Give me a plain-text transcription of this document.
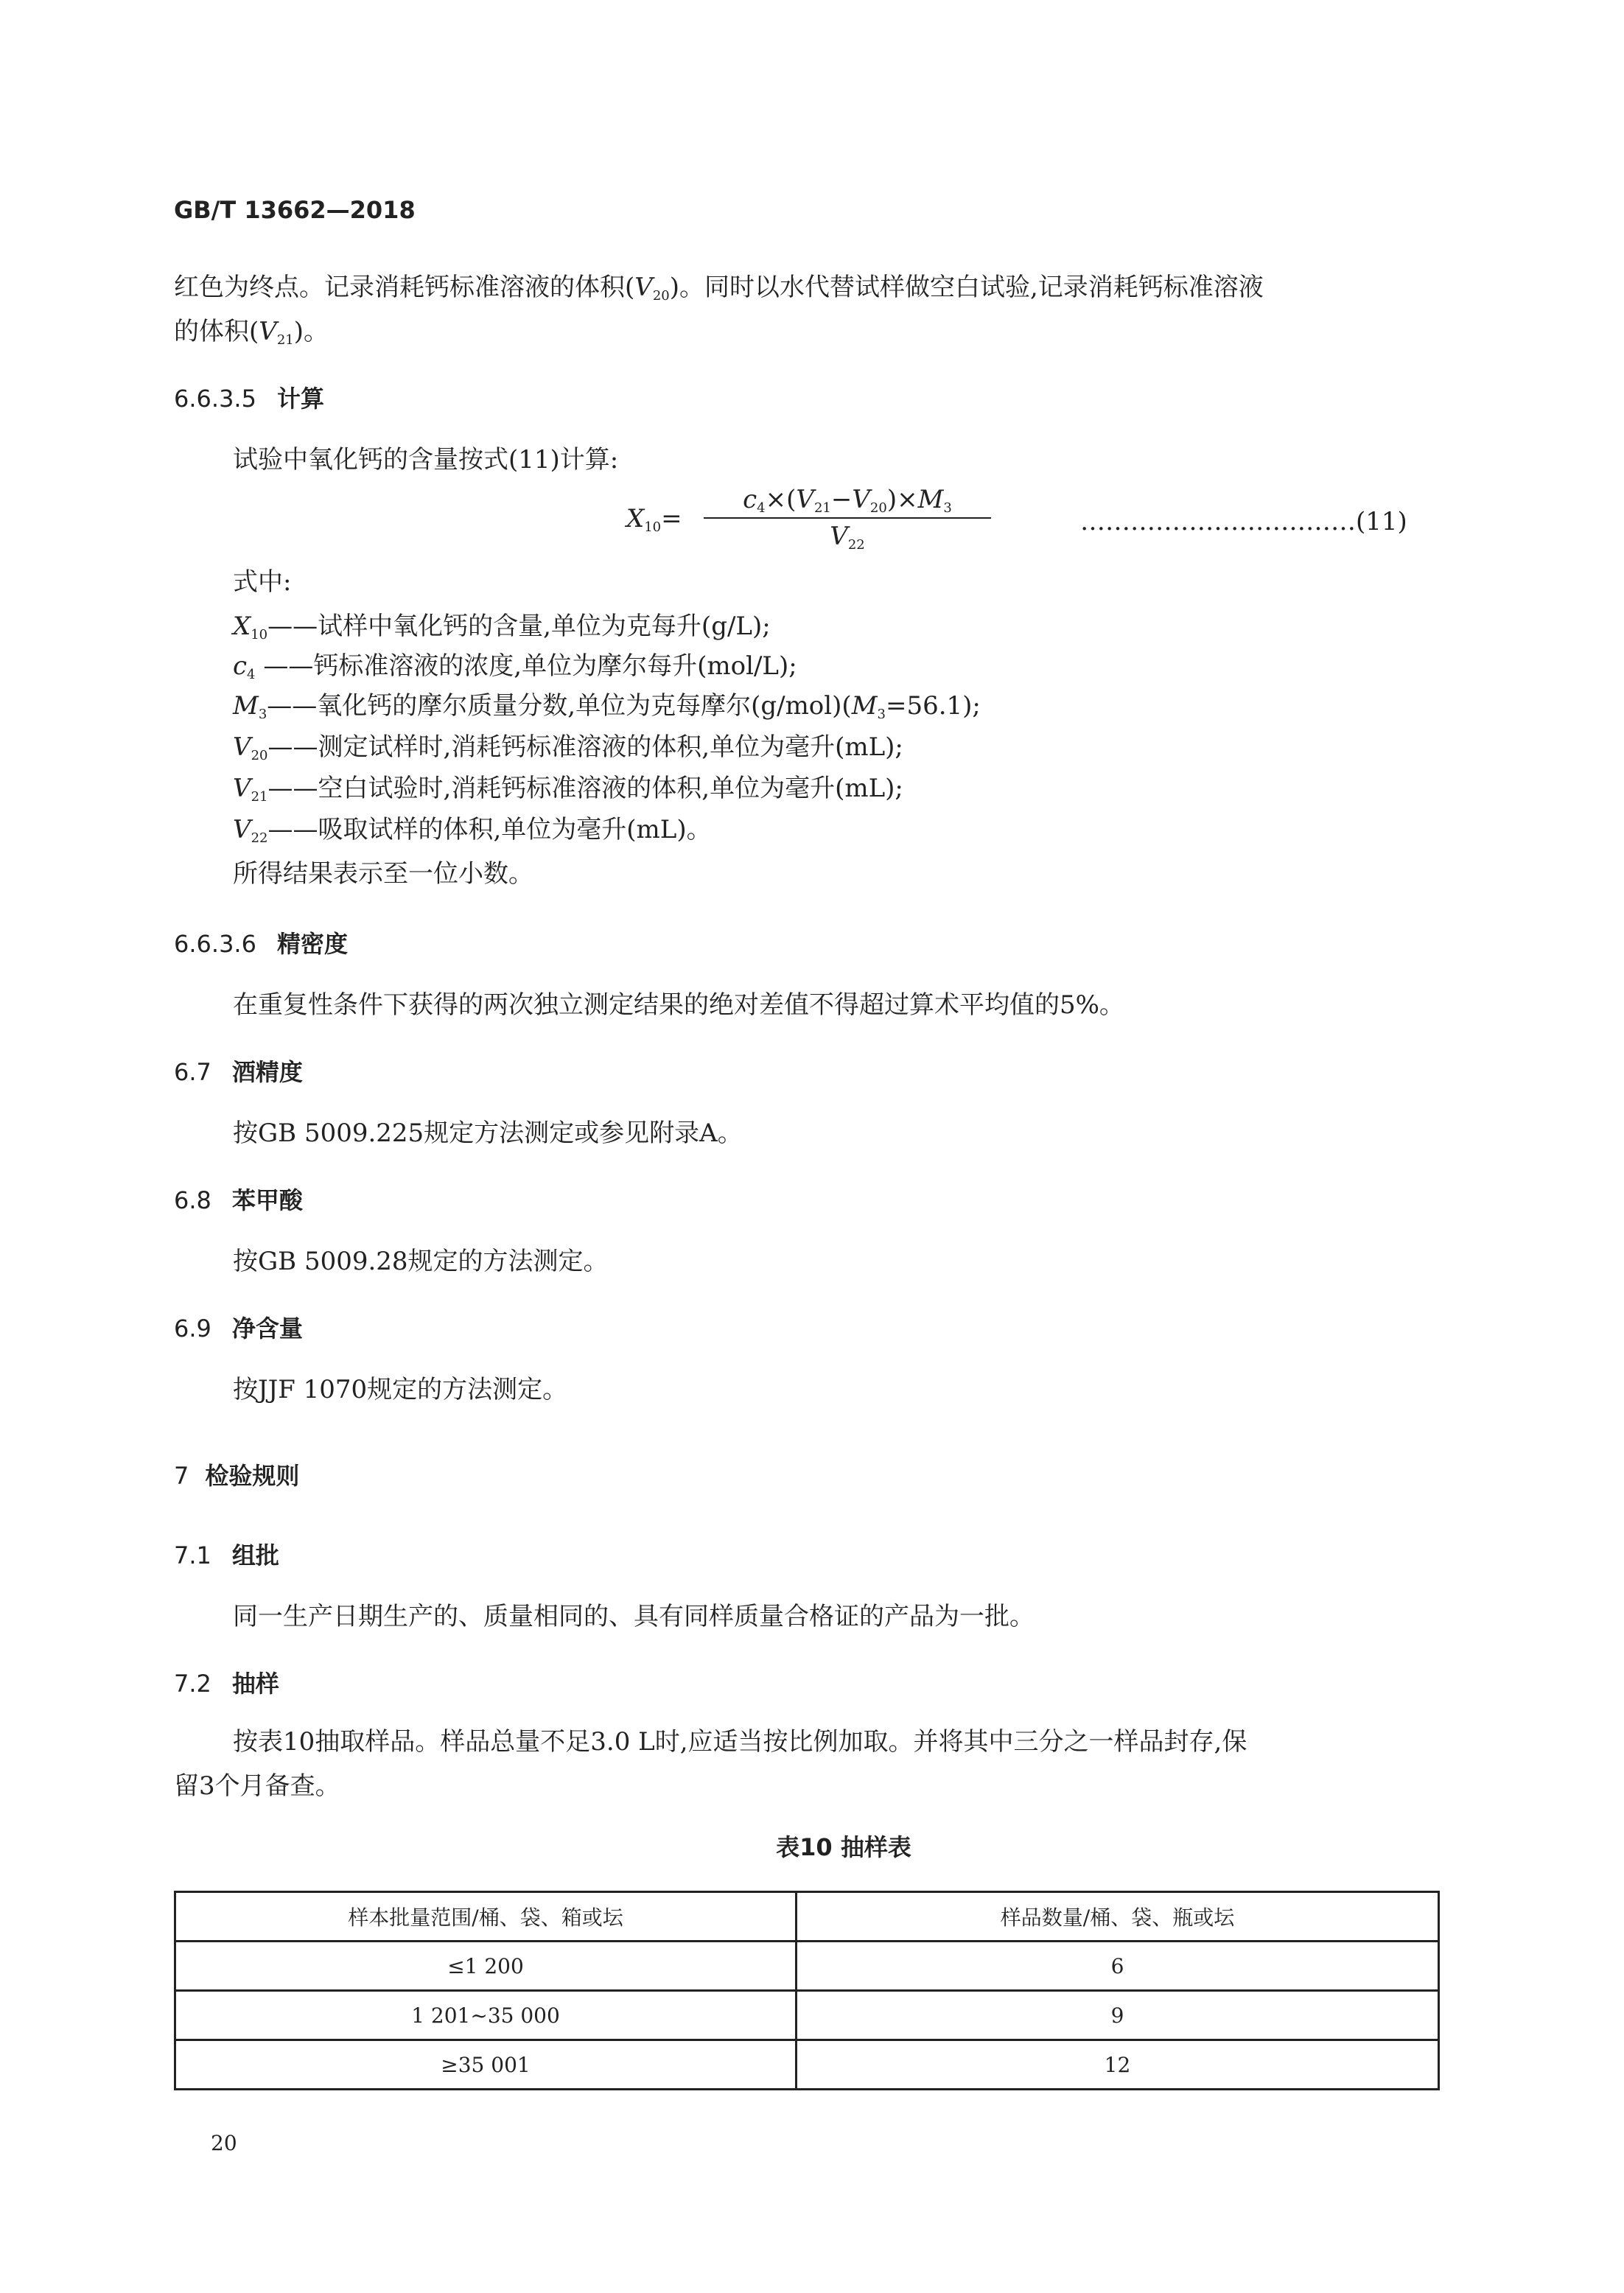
GB/T 13662—2018
红色为终点。记录消耗钙标准溶液的体积$(V_{20})$。同时以水代替试样做空白试验,记录消耗钙标准溶液
的体积$(V_{21})$。
6.6.3.5 计算
试验中氧化钙的含量按式(11)计算:
$X_{10}=$
$c_4\times(V_{21}-V_{20})\times M_3$
$V_{22}$
……………………………(11)
式中:
$X_{10}——$试样中氧化钙的含量,单位为克每升(g/L);
$c_4$ ——钙标准溶液的浓度,单位为摩尔每升(mol/L);
$M_3——$氧化钙的摩尔质量分数,单位为克每摩尔$(g/mol)(M_3=56.1)$;
$V_{20}——$测定试样时,消耗钙标准溶液的体积,单位为毫升(mL);
$V_{21}——$空白试验时,消耗钙标准溶液的体积,单位为毫升(mL);
$V_{22}——$吸取试样的体积,单位为毫升(mL)。
所得结果表示至一位小数。
6.6.3.6 精密度
在重复性条件下获得的两次独立测定结果的绝对差值不得超过算术平均值的5%。
6.7 酒精度
按GB 5009.225规定方法测定或参见附录A。
6.8 苯甲酸
按GB 5009.28规定的方法测定。
6.9 净含量
按JJF 1070规定的方法测定。
7 检验规则
7.1 组批
同一生产日期生产的、质量相同的、具有同样质量合格证的产品为一批。
7.2 抽样
按表10抽取样品。样品总量不足3.0 L时,应适当按比例加取。并将其中三分之一样品封存,保
留3个月备查。
表10 抽样表
样本批量范围/桶、袋、箱或坛	样品数量/桶、袋、瓶或坛
≤1 200	6
1 201~35 000	9
≥35 001	12
20
